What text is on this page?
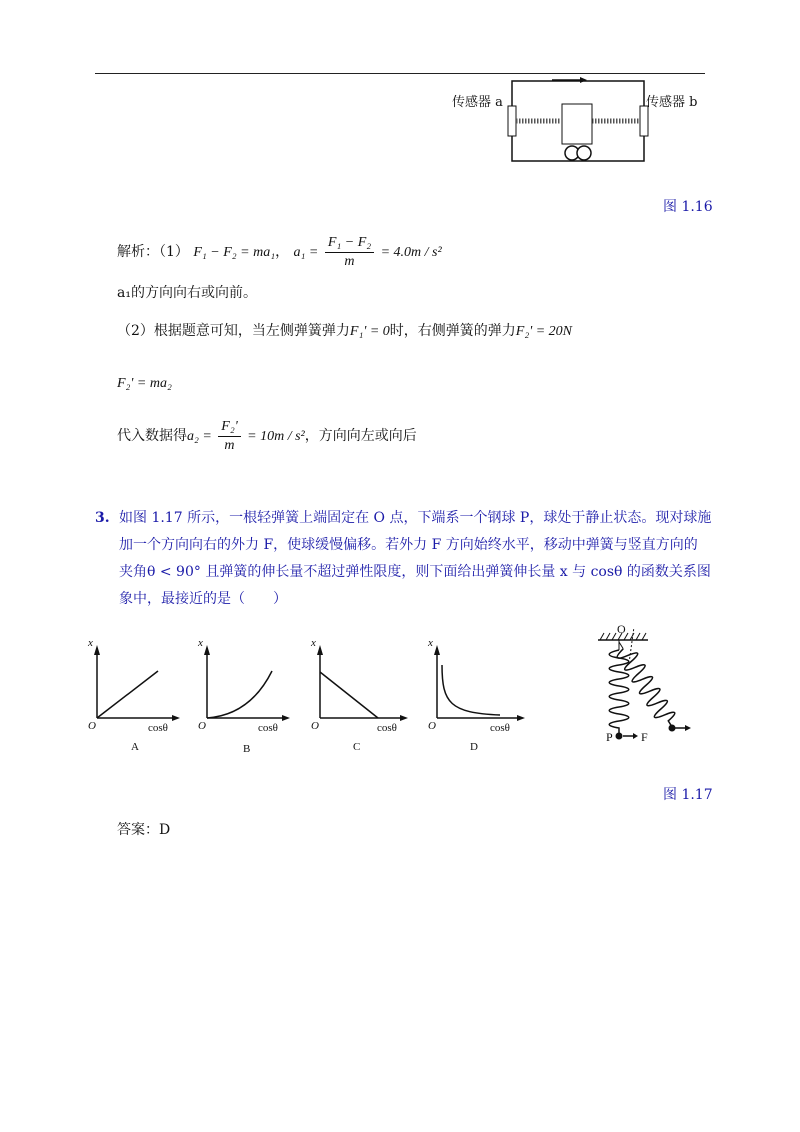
传感器 a	传感器 b
图 1.16
解析：（1） F₁ − F₂ = ma₁， $a_1 = \frac{\text{F₁ − F₂}}{m} = 4.0m / s^2$
a₁的方向向右或向前。
（2）根据题意可知，当左侧弹簧弹力F₁' = 0时，右侧弹簧的弹力F₂' = 20N
F₂' = ma₂
代入数据得$a_2 = \frac{\text{F₂'}}{m} = 10m / s^2$，方向向左或向后
3. 如图 1.17 所示，一根轻弹簧上端固定在 O 点，下端系一个钢球 P，球处于静止状态。现对球施
加一个方向向右的外力 F，使球缓慢偏移。若外力 F 方向始终水平，移动中弹簧与竖直方向的
夹角θ < 90° 且弹簧的伸长量不超过弹性限度，则下面给出弹簧伸长量 x 与 cosθ 的函数关系图
象中，最接近的是（　　）
x
O	cosθ
A
x
O	cosθ
B
x
O	cosθ
C
x
O	cosθ
D
O
P F
图 1.17
答案：D
